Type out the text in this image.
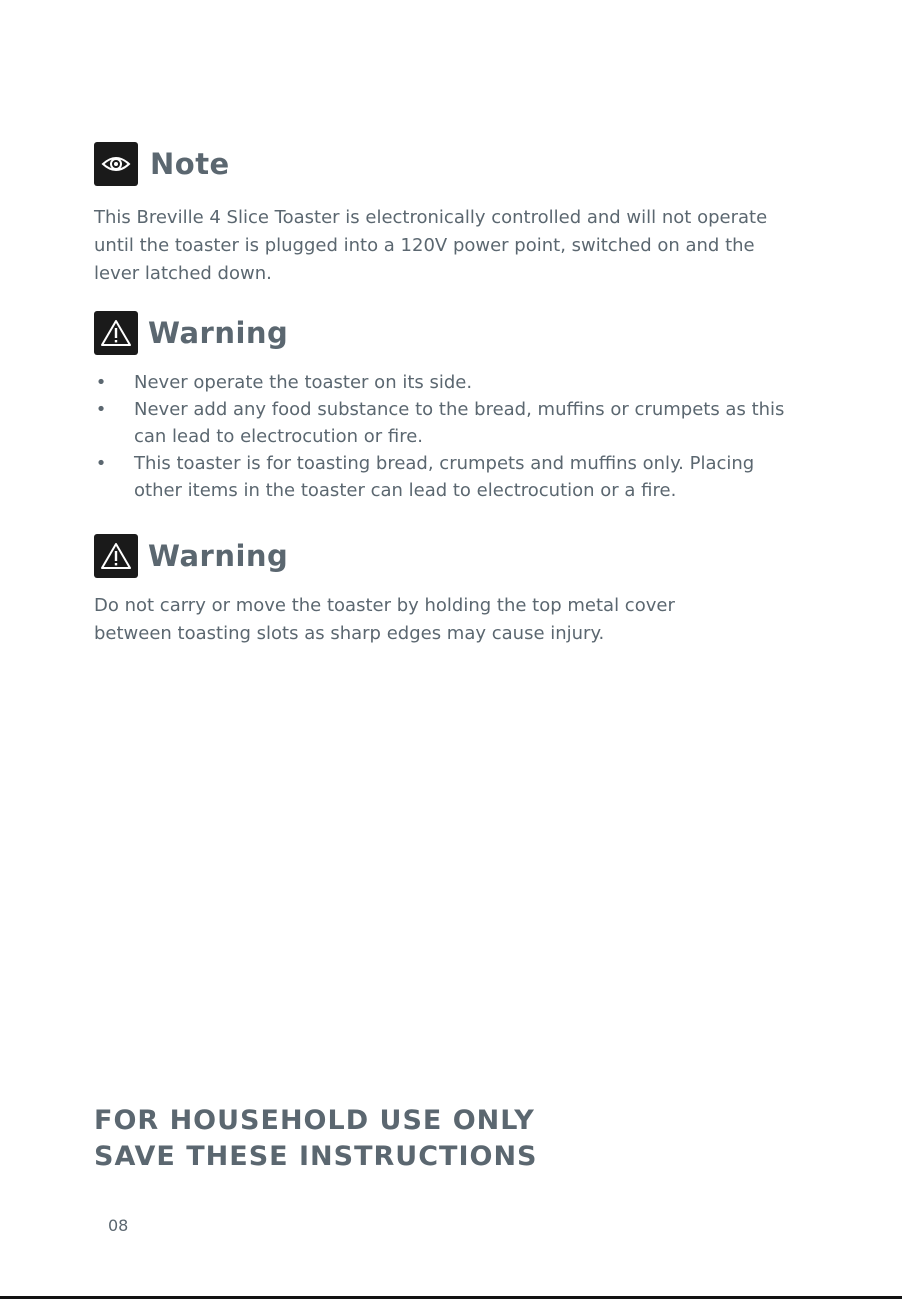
Note

This Breville 4 Slice Toaster is electronically controlled and will not operate

until the toaster is plugged into a 120V power point, switched on and the

lever latched down.

Warning
• Never operate the toaster on its side.
• Never add any food substance to the bread, muffins or crumpets as this
can lead to electrocution or fire.
• This toaster is for toasting bread, crumpets and muffins only. Placing
other items in the toaster can lead to electrocution or a fire.
Warning

Do not carry or move the toaster by holding the top metal cover

between toasting slots as sharp edges may cause injury.

FOR HOUSEHOLD USE ONLY
SAVE THESE INSTRUCTIONS
08
